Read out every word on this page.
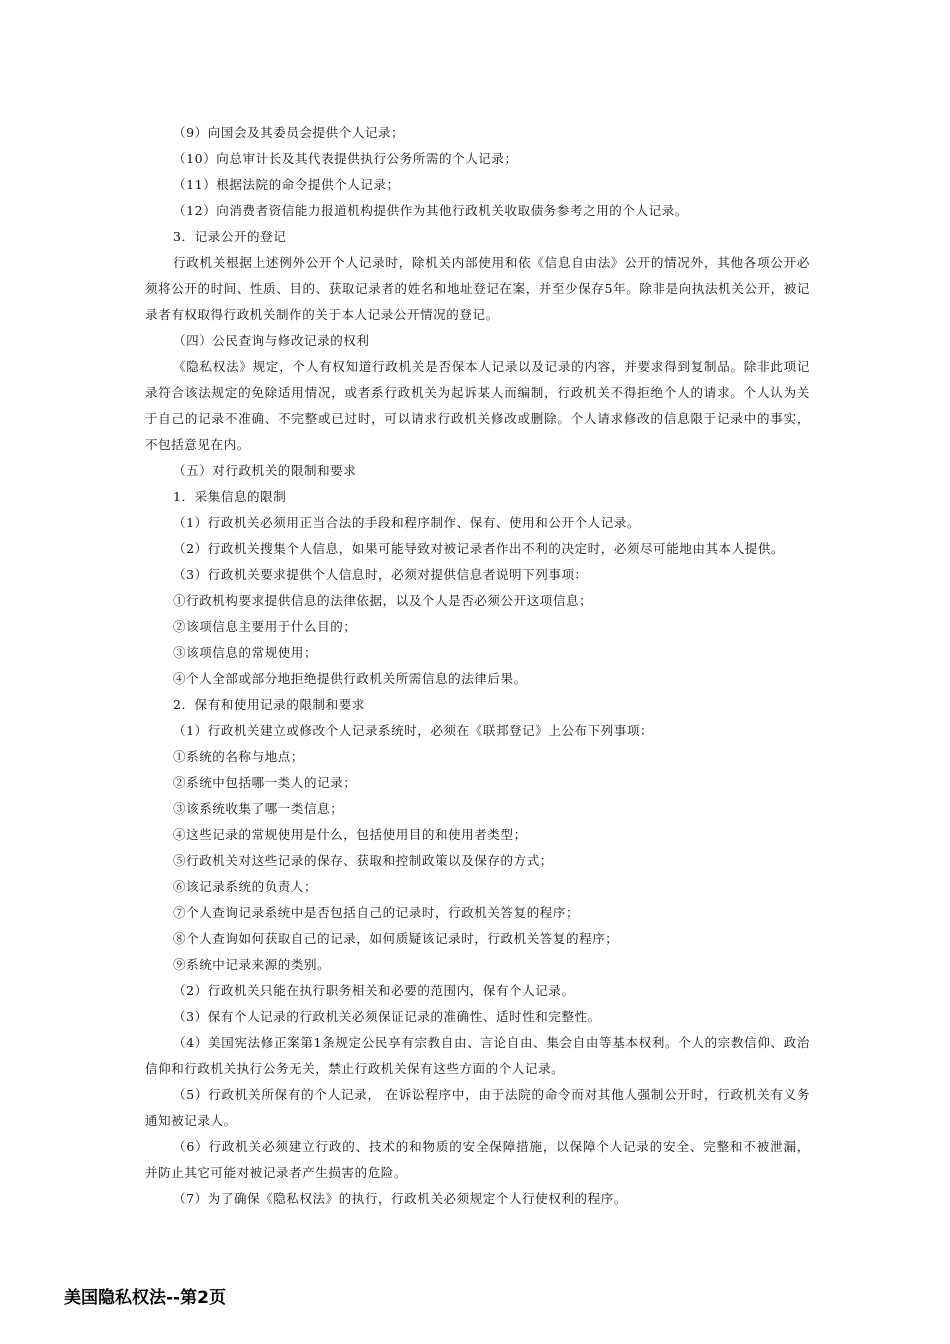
（9）向国会及其委员会提供个人记录；

（10）向总审计长及其代表提供执行公务所需的个人记录；

（11）根据法院的命令提供个人记录；

（12）向消费者资信能力报道机构提供作为其他行政机关收取债务参考之用的个人记录。

3．记录公开的登记

行政机关根据上述例外公开个人记录时，除机关内部使用和依《信息自由法》公开的情况外，其他各项公开必须将公开的时间、性质、目的、获取记录者的姓名和地址登记在案，并至少保存5年。除非是向执法机关公开，被记录者有权取得行政机关制作的关于本人记录公开情况的登记。

（四）公民查询与修改记录的权利

《隐私权法》规定，个人有权知道行政机关是否保本人记录以及记录的内容，并要求得到复制品。除非此项记录符合该法规定的免除适用情况，或者系行政机关为起诉某人而编制，行政机关不得拒绝个人的请求。个人认为关于自己的记录不准确、不完整或已过时，可以请求行政机关修改或删除。个人请求修改的信息限于记录中的事实，不包括意见在内。

（五）对行政机关的限制和要求

1．采集信息的限制

（1）行政机关必须用正当合法的手段和程序制作、保有、使用和公开个人记录。

（2）行政机关搜集个人信息，如果可能导致对被记录者作出不利的决定时，必须尽可能地由其本人提供。

（3）行政机关要求提供个人信息时，必须对提供信息者说明下列事项：

①行政机构要求提供信息的法律依据，以及个人是否必须公开这项信息；

②该项信息主要用于什么目的；

③该项信息的常规使用；

④个人全部或部分地拒绝提供行政机关所需信息的法律后果。

2．保有和使用记录的限制和要求

（1）行政机关建立或修改个人记录系统时，必须在《联邦登记》上公布下列事项：

①系统的名称与地点；

②系统中包括哪一类人的记录；

③该系统收集了哪一类信息；

④这些记录的常规使用是什么，包括使用目的和使用者类型；

⑤行政机关对这些记录的保存、获取和控制政策以及保存的方式；

⑥该记录系统的负责人；

⑦个人查询记录系统中是否包括自己的记录时，行政机关答复的程序；

⑧个人查询如何获取自己的记录，如何质疑该记录时，行政机关答复的程序；

⑨系统中记录来源的类别。

（2）行政机关只能在执行职务相关和必要的范围内，保有个人记录。

（3）保有个人记录的行政机关必须保证记录的准确性、适时性和完整性。

（4）美国宪法修正案第1条规定公民享有宗教自由、言论自由、集会自由等基本权利。个人的宗教信仰、政治信仰和行政机关执行公务无关，禁止行政机关保有这些方面的个人记录。

（5）行政机关所保有的个人记录， 在诉讼程序中，由于法院的命令而对其他人强制公开时，行政机关有义务通知被记录人。

（6）行政机关必须建立行政的、技术的和物质的安全保障措施，以保障个人记录的安全、完整和不被泄漏，并防止其它可能对被记录者产生损害的危险。

（7）为了确保《隐私权法》的执行，行政机关必须规定个人行使权利的程序。

美国隐私权法--第2页
